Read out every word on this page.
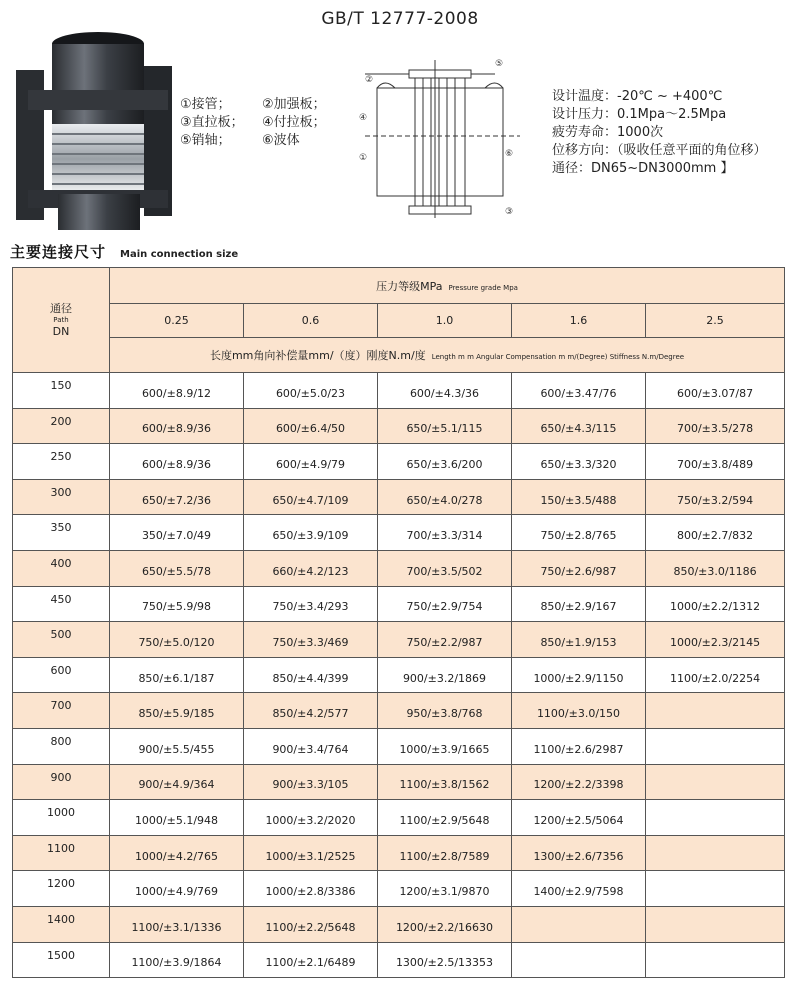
GB/T 12777-2008
①接管；	②加强板；
③直拉板；	④付拉板；
⑤销轴；	⑥波体
②
④
①
⑤
⑥
③
设计温度：-20℃ ~ +400℃
设计压力：0.1Mpa～2.5Mpa
疲劳寿命：1000次
位移方向：（吸收任意平面的角位移）
通径：DN65~DN3000mm 】
主要连接尺寸 Main connection size
通径
Path
DN	压力等级MPa Pressure grade Mpa				
	0.25	0.6	1.0	1.6	2.5
	长度mm角向补偿量mm/（度）刚度N.m/度 Length m m Angular Compensation m m/(Degree) Stiffness N.m/Degree				
150	600/±8.9/12	600/±5.0/23	600/±4.3/36	600/±3.47/76	600/±3.07/87
200	600/±8.9/36	600/±6.4/50	650/±5.1/115	650/±4.3/115	700/±3.5/278
250	600/±8.9/36	600/±4.9/79	650/±3.6/200	650/±3.3/320	700/±3.8/489
300	650/±7.2/36	650/±4.7/109	650/±4.0/278	150/±3.5/488	750/±3.2/594
350	350/±7.0/49	650/±3.9/109	700/±3.3/314	750/±2.8/765	800/±2.7/832
400	650/±5.5/78	660/±4.2/123	700/±3.5/502	750/±2.6/987	850/±3.0/1186
450	750/±5.9/98	750/±3.4/293	750/±2.9/754	850/±2.9/167	1000/±2.2/1312
500	750/±5.0/120	750/±3.3/469	750/±2.2/987	850/±1.9/153	1000/±2.3/2145
600	850/±6.1/187	850/±4.4/399	900/±3.2/1869	1000/±2.9/1150	1100/±2.0/2254
700	850/±5.9/185	850/±4.2/577	950/±3.8/768	1100/±3.0/150	
800	900/±5.5/455	900/±3.4/764	1000/±3.9/1665	1100/±2.6/2987	
900	900/±4.9/364	900/±3.3/105	1100/±3.8/1562	1200/±2.2/3398	
1000	1000/±5.1/948	1000/±3.2/2020	1100/±2.9/5648	1200/±2.5/5064	
1100	1000/±4.2/765	1000/±3.1/2525	1100/±2.8/7589	1300/±2.6/7356	
1200	1000/±4.9/769	1000/±2.8/3386	1200/±3.1/9870	1400/±2.9/7598	
1400	1100/±3.1/1336	1100/±2.2/5648	1200/±2.2/16630		
1500	1100/±3.9/1864	1100/±2.1/6489	1300/±2.5/13353		
